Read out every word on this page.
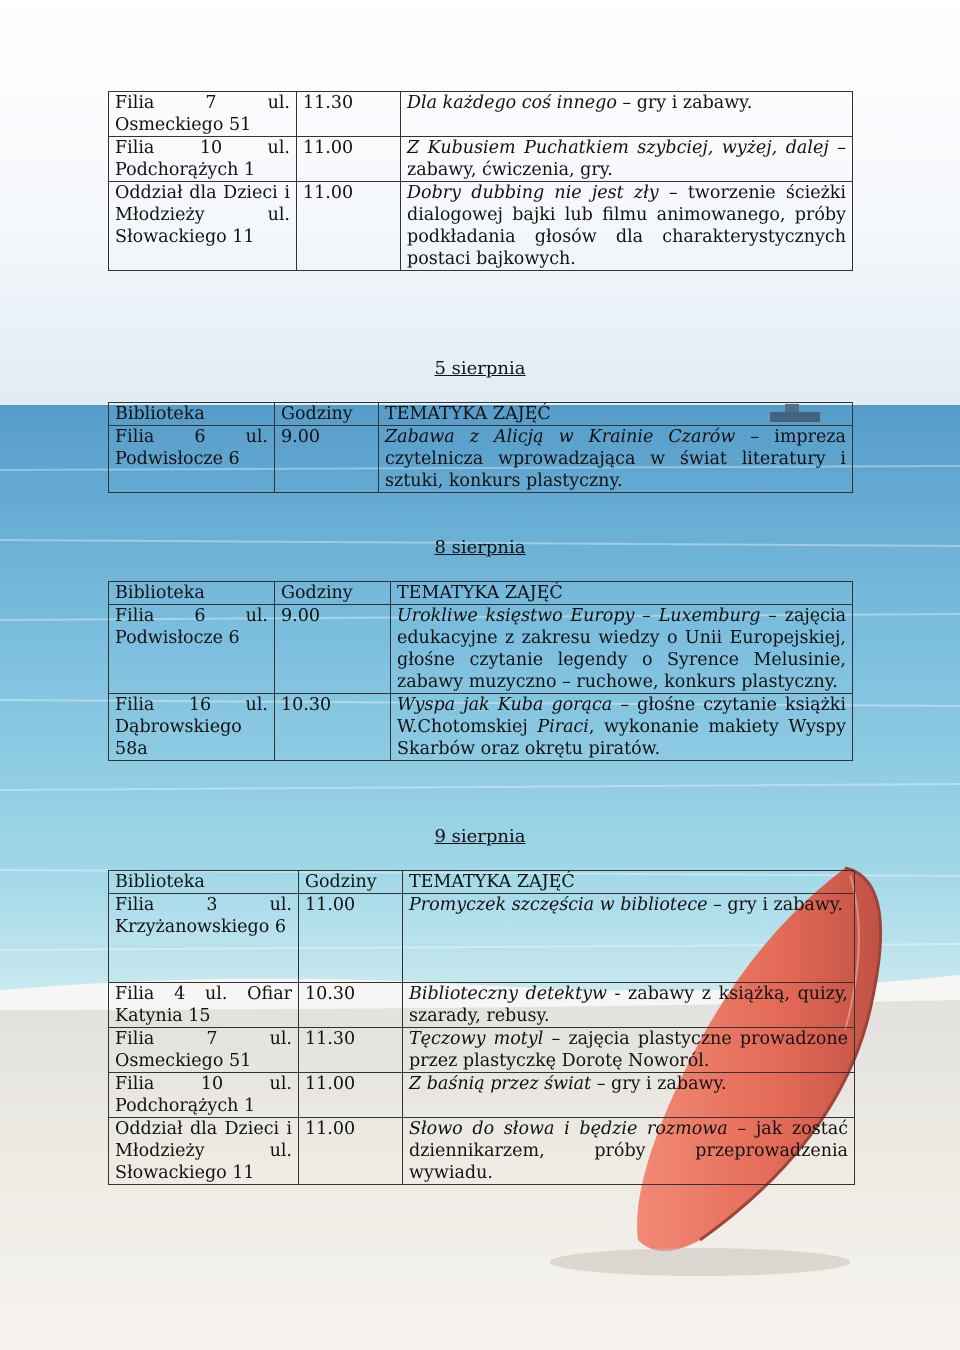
Filia 7 ul. Osmeckiego 51	11.30	Dla każdego coś innego – gry i zabawy.
Filia 10 ul. Podchorążych 1	11.00	Z Kubusiem Puchatkiem szybciej, wyżej, dalej – zabawy, ćwiczenia, gry.
Oddział dla Dzieci i Młodzieży ul. Słowackiego 11	11.00	Dobry dubbing nie jest zły – tworzenie ścieżki dialogowej bajki lub filmu animowanego, próby podkładania głosów dla charakterystycznych postaci bajkowych.
5 sierpnia
Biblioteka	Godziny	TEMATYKA ZAJĘĆ
Filia 6 ul. Podwisłocze 6	9.00	Zabawa z Alicją w Krainie Czarów – impreza czytelnicza wprowadzająca w świat literatury i sztuki, konkurs plastyczny.
8 sierpnia
Biblioteka	Godziny	TEMATYKA ZAJĘĆ
Filia 6 ul. Podwisłocze 6	9.00	Urokliwe księstwo Europy – Luxemburg – zajęcia edukacyjne z zakresu wiedzy o Unii Europejskiej, głośne czytanie legendy o Syrence Melusinie, zabawy muzyczno – ruchowe, konkurs plastyczny.
Filia 16 ul. Dąbrowskiego 58a	10.30	Wyspa jak Kuba gorąca – głośne czytanie książki W.Chotomskiej Piraci, wykonanie makiety Wyspy Skarbów oraz okrętu piratów.
9 sierpnia
Biblioteka	Godziny	TEMATYKA ZAJĘĆ
Filia 3 ul. Krzyżanowskiego 6	11.00	Promyczek szczęścia w bibliotece – gry i zabawy.
Filia 4 ul. Ofiar Katynia 15	10.30	Biblioteczny detektyw - zabawy z książką, quizy, szarady, rebusy.
Filia 7 ul. Osmeckiego 51	11.30	Tęczowy motyl – zajęcia plastyczne prowadzone przez plastyczkę Dorotę Noworól.
Filia 10 ul. Podchorążych 1	11.00	Z baśnią przez świat – gry i zabawy.
Oddział dla Dzieci i Młodzieży ul. Słowackiego 11	11.00	Słowo do słowa i będzie rozmowa – jak zostać dziennikarzem, próby przeprowadzenia wywiadu.
